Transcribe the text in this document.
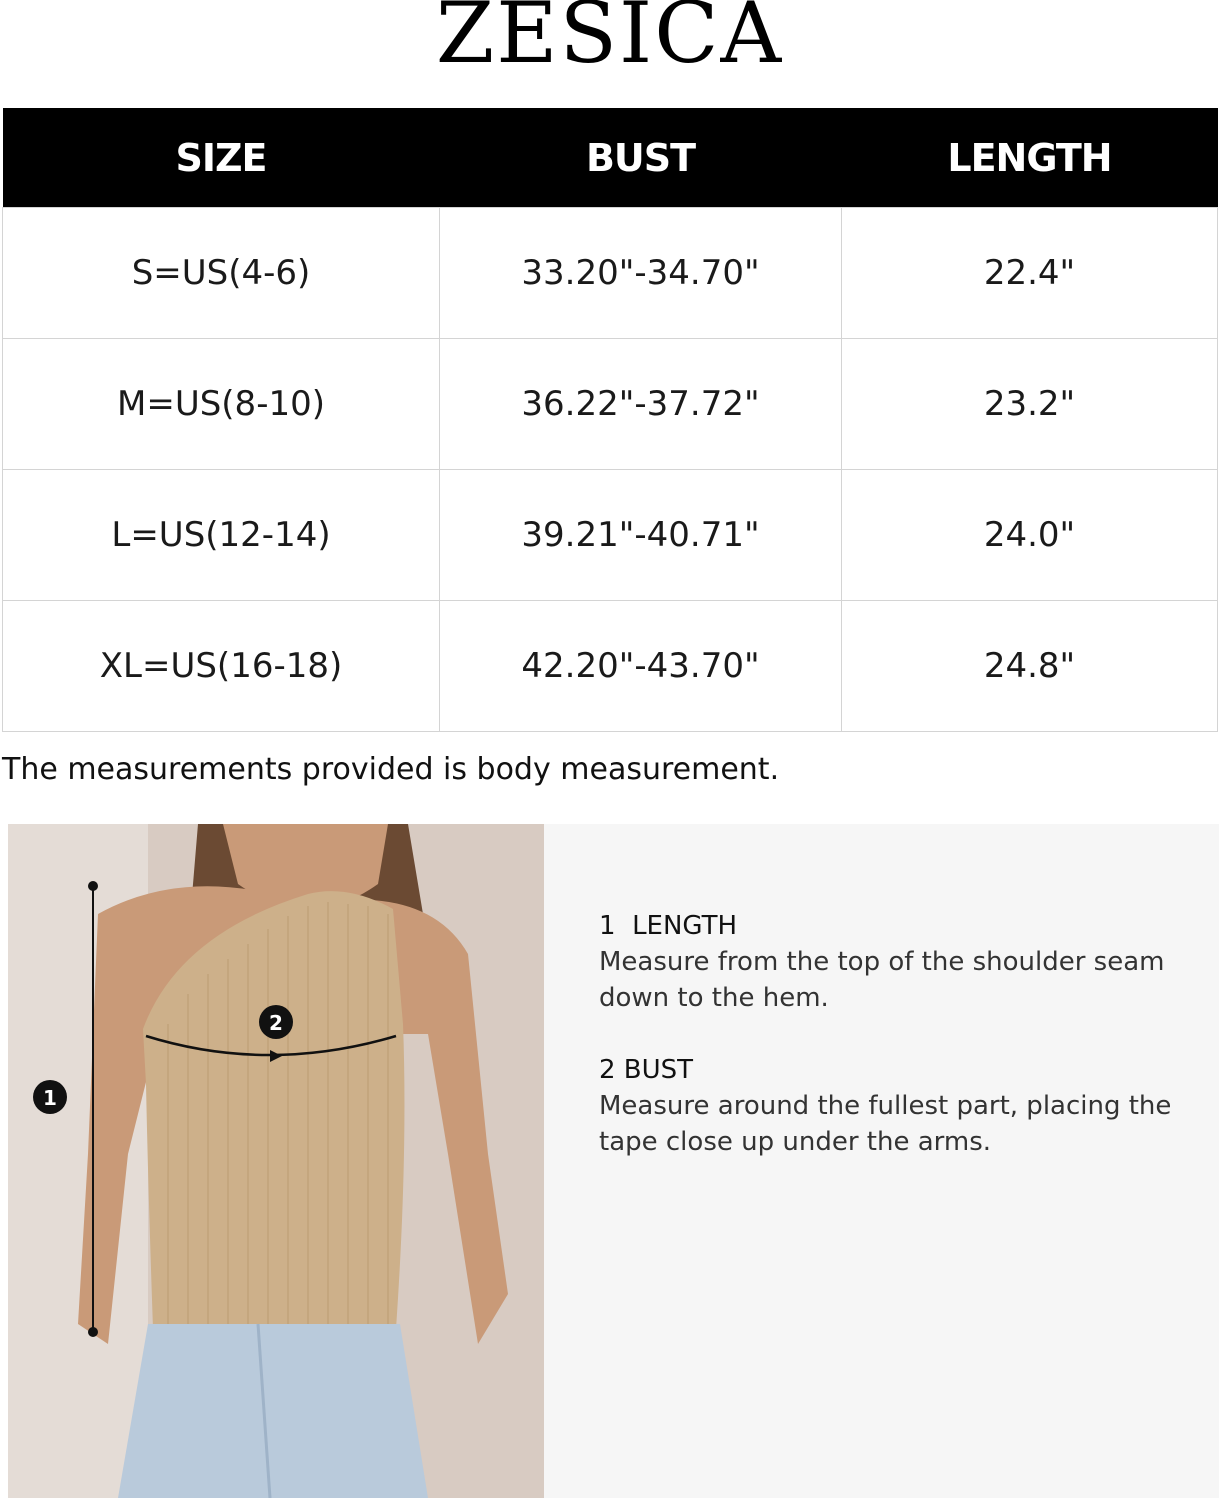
ZESICA
SIZE	BUST	LENGTH
S=US(4-6)	33.20"-34.70"	22.4"
M=US(8-10)	36.22"-37.72"	23.2"
L=US(12-14)	39.21"-40.71"	24.0"
XL=US(16-18)	42.20"-43.70"	24.8"
The measurements provided is body measurement.
1
2
1  LENGTH
Measure from the top of the shoulder seam down to the hem.
2 BUST
Measure around the fullest part, placing the tape close up under the arms.
